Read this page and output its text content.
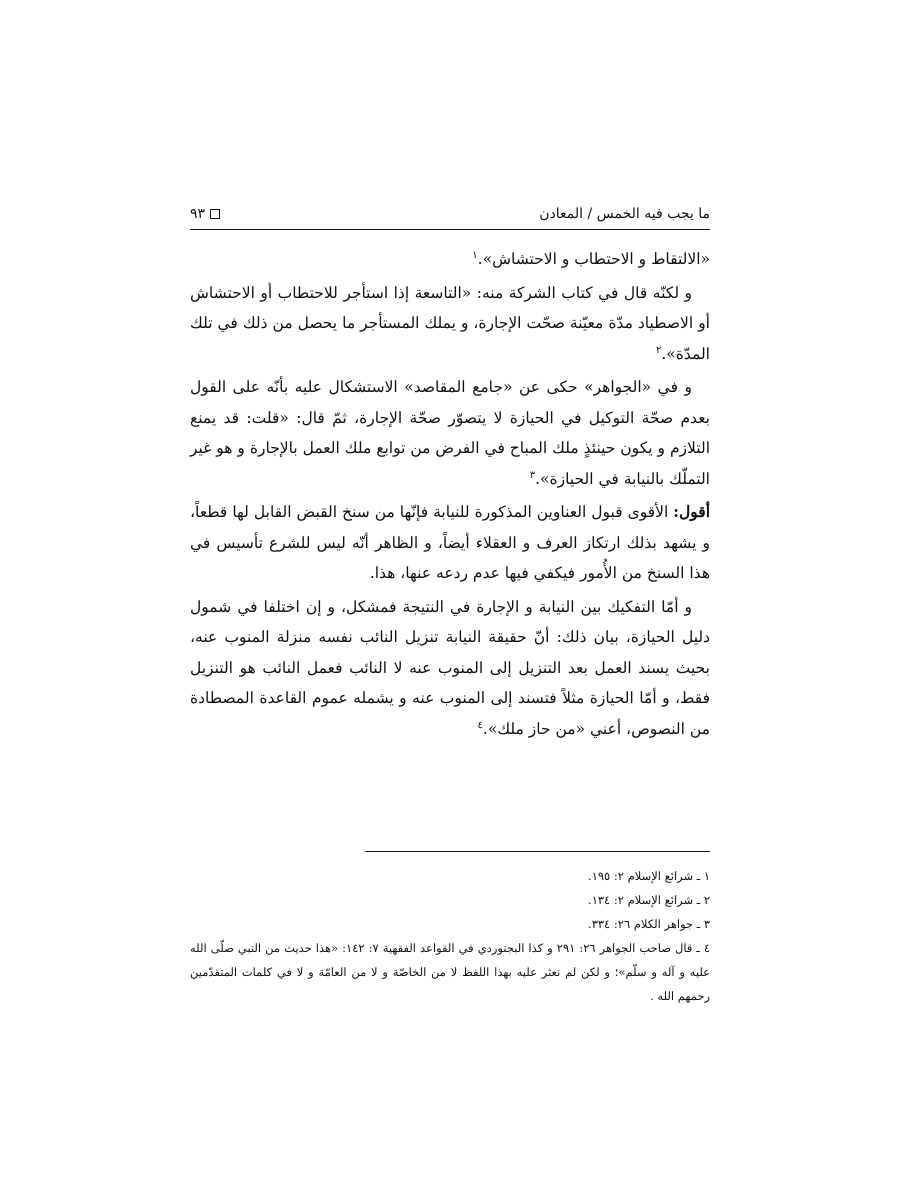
ما يجب فيه الخمس / المعادن
٩٣

«الالتقاط و الاحتطاب و الاحتشاش».$^١$

و لكنّه قال في كتاب الشركة منه: «التاسعة إذا استأجر للاحتطاب أو الاحتشاش أو الاصطياد مدّة معيّنة صحّت الإجارة، و يملك المستأجر ما يحصل من ذلك في تلك المدّة».$^٢$

و في «الجواهر» حكى عن «جامع المقاصد» الاستشكال عليه بأنّه على القول بعدم صحّة التوكيل في الحيازة لا يتصوّر صحّة الإجارة، ثمّ قال: «قلت: قد يمنع التلازم و يكون حينئذٍ ملك المباح في الفرض من توابع ملك العمل بالإجارة و هو غير التملّك بالنيابة في الحيازة».$^٣$

أقول: الأقوى قبول العناوين المذكورة للنيابة فإنّها من سنخ القبض القابل لها قطعاً، و يشهد بذلك ارتكاز العرف و العقلاء أيضاً، و الظاهر أنّه ليس للشرع تأسيس في هذا السنخ من الأُمور فيكفي فيها عدم ردعه عنها، هذا.

و أمّا التفكيك بين النيابة و الإجارة في النتيجة فمشكل، و إن اختلفا في شمول دليل الحيازة، بيان ذلك: أنّ حقيقة النيابة تنزيل النائب نفسه منزلة المنوب عنه، بحيث يسند العمل بعد التنزيل إلى المنوب عنه لا النائب فعمل النائب هو التنزيل فقط، و أمّا الحيازة مثلاً فتسند إلى المنوب عنه و يشمله عموم القاعدة المصطادة من النصوص، أعني «من حاز ملك».$^٤$

١ ـ شرائع الإسلام ٢: ١٩٥.

٢ ـ شرائع الإسلام ٢: ١٣٤.

٣ ـ جواهر الكلام ٢٦: ٣٣٤.

٤ ـ قال صاحب الجواهر ٢٦: ٢٩١ و كذا البجنوردي في القواعد الفقهية ٧: ١٤٢: «هذا حديث من النبي صلّى الله عليه و آله و سلّم»؛ و لكن لم نعثر عليه بهذا اللفظ لا من الخاصّة و لا من العامّة و لا في كلمات المتقدّمين رحمهم الله .
